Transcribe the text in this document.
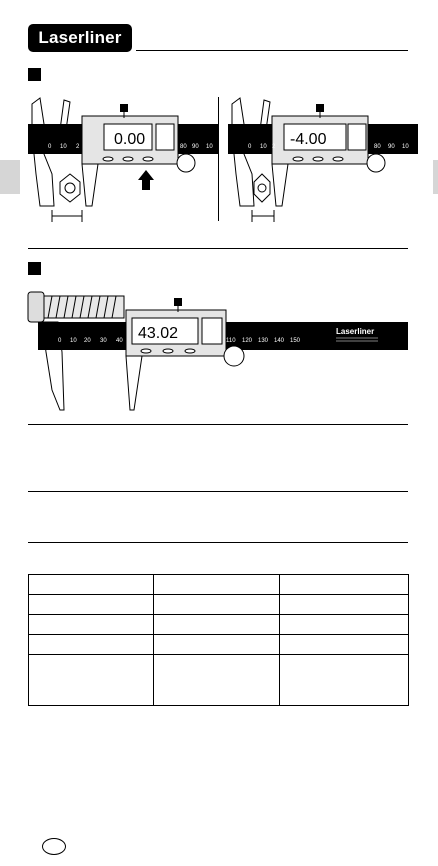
Laserliner
0 10 2	80 90 10
0.00	0 10 2	80 90 10
-4.00
0 10 20 30 40	110 120 130 140 150
Laserliner
43.02
